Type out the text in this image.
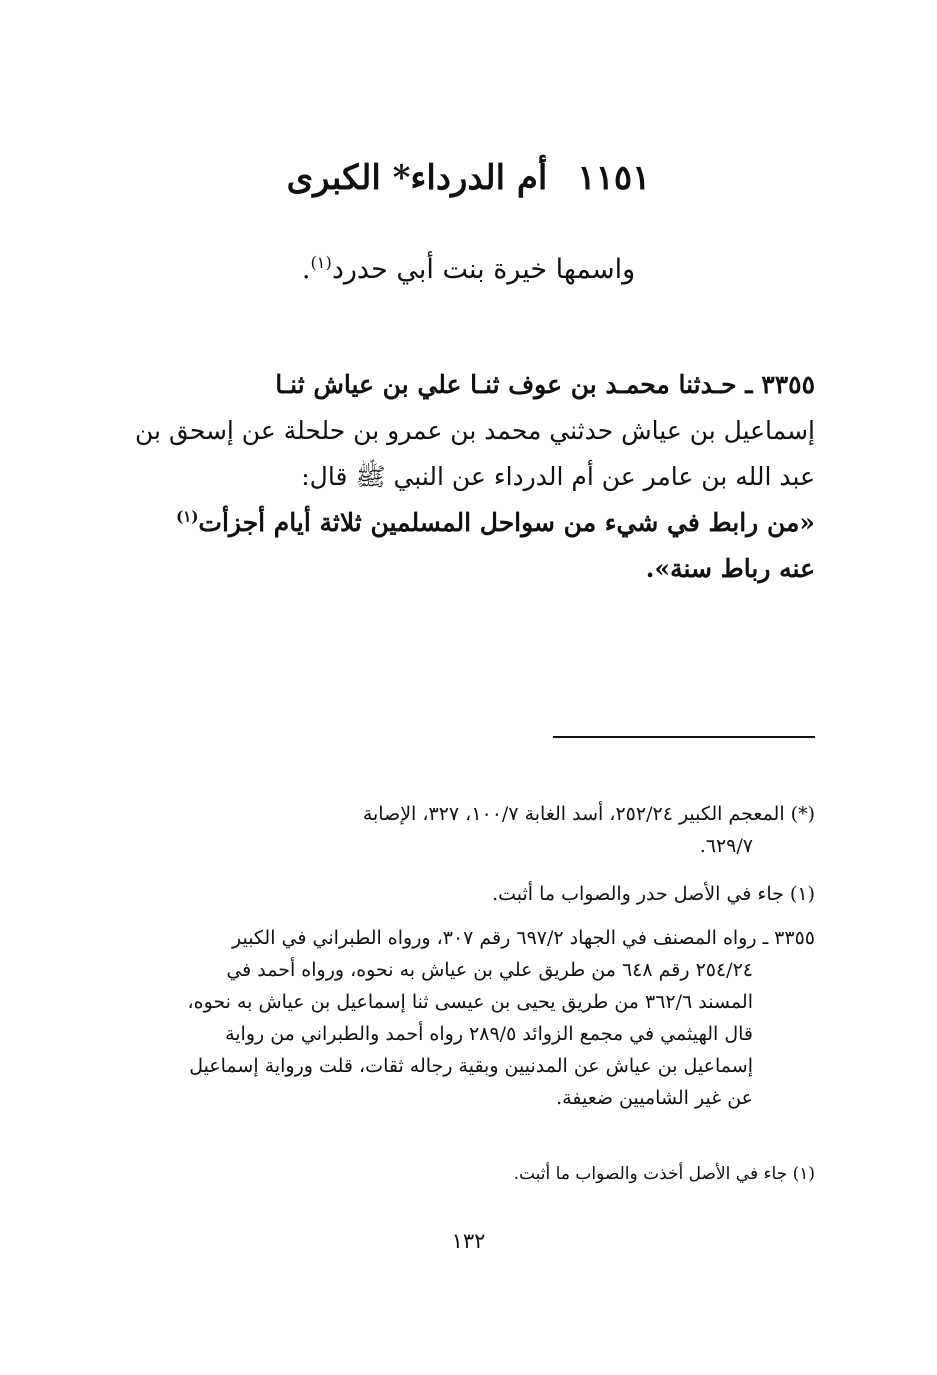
١١٥١أم الدرداء* الكبرى
واسمها خيرة بنت أبي حدرد$^{(١)}$.
٣٣٥٥ ـ حـدثنا محمـد بن عوف ثنـا علي بن عياش ثنـا
إسماعيل بن عياش حدثني محمد بن عمرو بن حلحلة عن إسحق بن
عبد الله بن عامر عن أم الدرداء عن النبي ﷺ قال:
«من رابط في شيء من سواحل المسلمين ثلاثة أيام أجزأت$^{(١)}$
عنه رباط سنة».
(*) المعجم الكبير ٢٥٢/٢٤، أسد الغابة ١٠٠/٧، ٣٢٧، الإصابة
٦٢٩/٧.
(١) جاء في الأصل حدر والصواب ما أثبت.
٣٣٥٥ ـ رواه المصنف في الجهاد ٦٩٧/٢ رقم ٣٠٧، ورواه الطبراني في الكبير
٢٥٤/٢٤ رقم ٦٤٨ من طريق علي بن عياش به نحوه، ورواه أحمد في
المسند ٣٦٢/٦ من طريق يحيى بن عيسى ثنا إسماعيل بن عياش به نحوه،
قال الهيثمي في مجمع الزوائد ٢٨٩/٥ رواه أحمد والطبراني من رواية
إسماعيل بن عياش عن المدنيين وبقية رجاله ثقات، قلت ورواية إسماعيل
عن غير الشاميين ضعيفة.
(١) جاء في الأصل أخذت والصواب ما أثبت.
١٣٢
